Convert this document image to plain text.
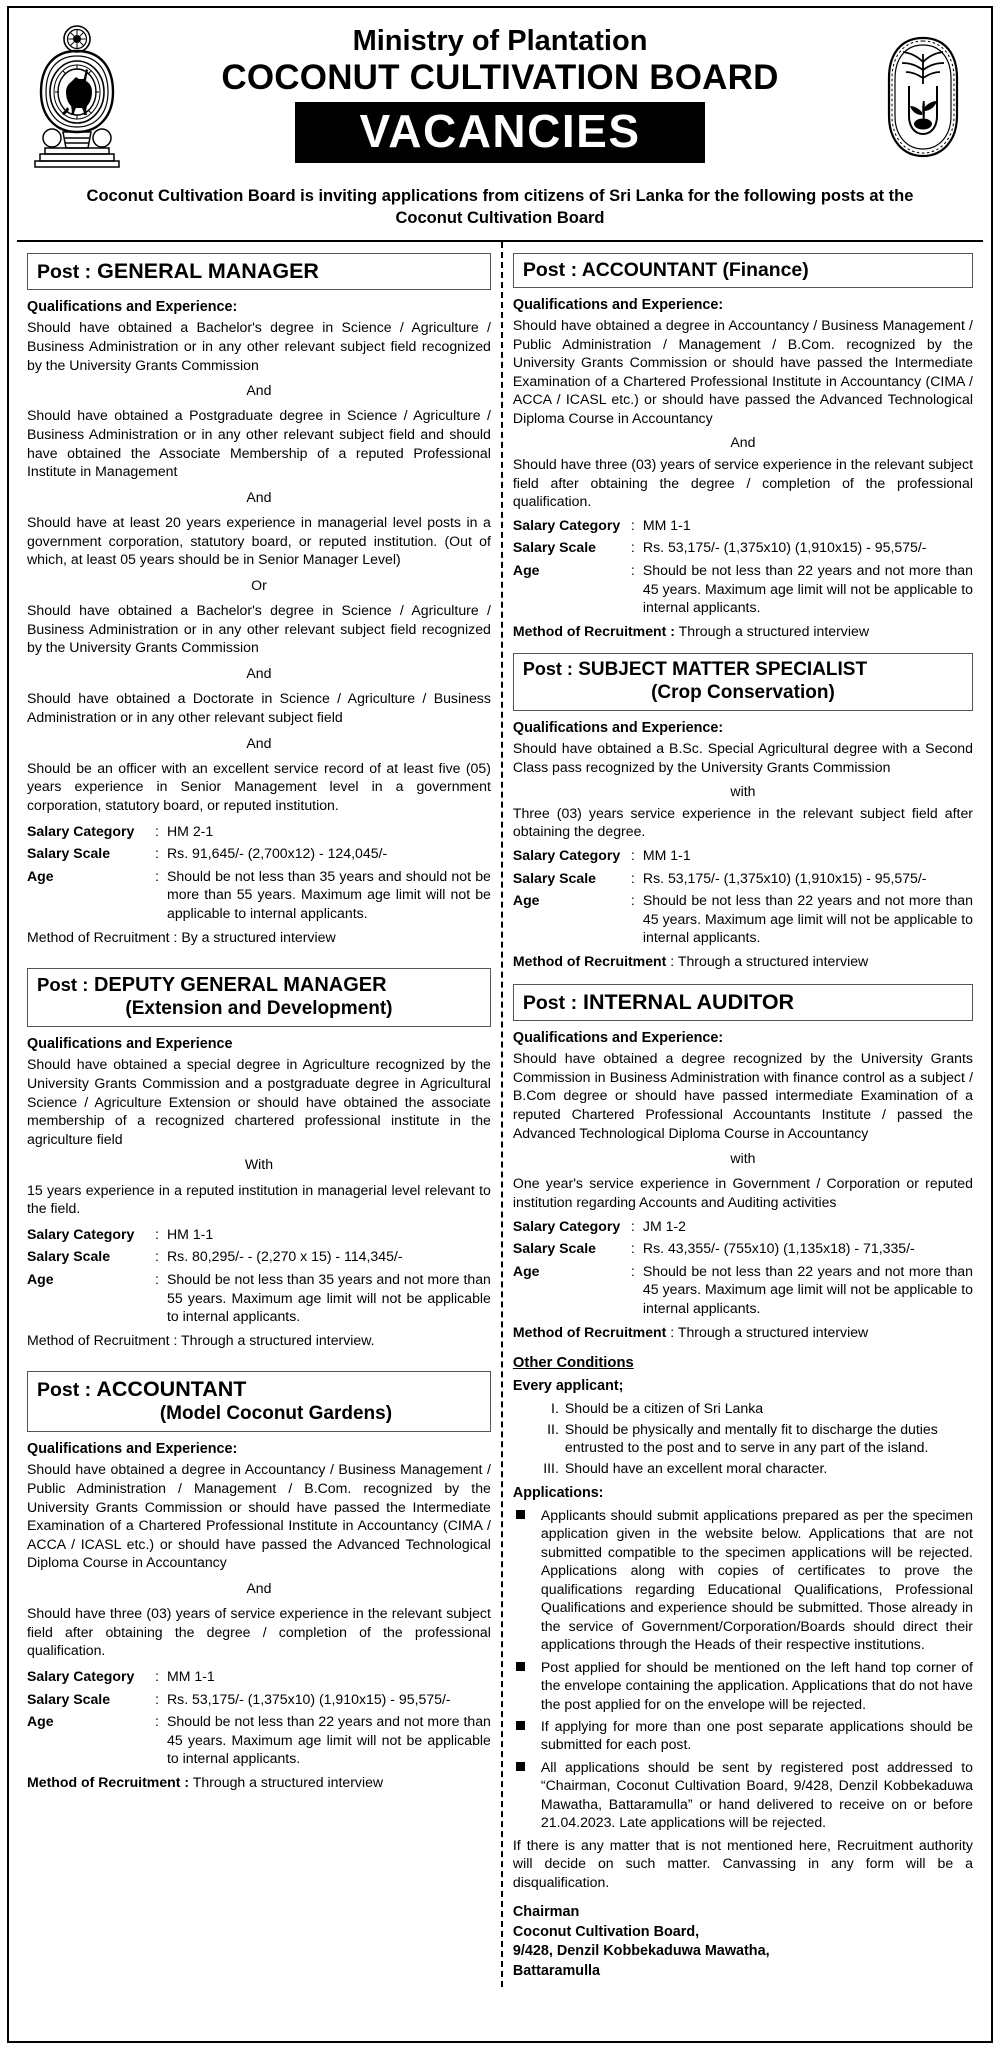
Ministry of Plantation
COCONUT CULTIVATION BOARD
VACANCIES
Coconut Cultivation Board is inviting applications from citizens of Sri Lanka for the following posts at the Coconut Cultivation Board
Post : GENERAL MANAGER
Qualifications and Experience:

Should have obtained a Bachelor's degree in Science / Agriculture / Business Administration or in any other relevant subject field recognized by the University Grants Commission

And

Should have obtained a Postgraduate degree in Science / Agriculture / Business Administration or in any other relevant subject field and should have obtained the Associate Membership of a reputed Professional Institute in Management

And

Should have at least 20 years experience in managerial level posts in a government corporation, statutory board, or reputed institution. (Out of which, at least 05 years should be in Senior Manager Level)

Or

Should have obtained a Bachelor's degree in Science / Agriculture / Business Administration or in any other relevant subject field recognized by the University Grants Commission

And

Should have obtained a Doctorate in Science / Agriculture / Business Administration or in any other relevant subject field

And

Should be an officer with an excellent service record of at least five (05) years experience in Senior Management level in a government corporation, statutory board, or reputed institution.

Salary Category	: HM 2-1
Salary Scale	: Rs. 91,645/- (2,700x12) - 124,045/-
Age	: Should be not less than 35 years and should not be more than 55 years. Maximum age limit will not be applicable to internal applicants.
Method of Recruitment : By a structured interview
Post : DEPUTY GENERAL MANAGER
(Extension and Development)
Qualifications and Experience

Should have obtained a special degree in Agriculture recognized by the University Grants Commission and a postgraduate degree in Agricultural Science / Agriculture Extension or should have obtained the associate membership of a recognized chartered professional institute in the agriculture field

With

15 years experience in a reputed institution in managerial level relevant to the field.

Salary Category	: HM 1-1
Salary Scale	: Rs. 80,295/- - (2,270 x 15) - 114,345/-
Age	: Should be not less than 35 years and not more than 55 years. Maximum age limit will not be applicable to internal applicants.
Method of Recruitment : Through a structured interview.
Post : ACCOUNTANT
(Model Coconut Gardens)
Qualifications and Experience:

Should have obtained a degree in Accountancy / Business Management / Public Administration / Management / B.Com. recognized by the University Grants Commission or should have passed the Intermediate Examination of a Chartered Professional Institute in Accountancy (CIMA / ACCA / ICASL etc.) or should have passed the Advanced Technological Diploma Course in Accountancy

And

Should have three (03) years of service experience in the relevant subject field after obtaining the degree / completion of the professional qualification.

Salary Category	: MM 1-1
Salary Scale	: Rs. 53,175/- (1,375x10) (1,910x15) - 95,575/-
Age	: Should be not less than 22 years and not more than 45 years. Maximum age limit will not be applicable to internal applicants.
Method of Recruitment : Through a structured interview
Post : ACCOUNTANT (Finance)
Qualifications and Experience:

Should have obtained a degree in Accountancy / Business Management / Public Administration / Management / B.Com. recognized by the University Grants Commission or should have passed the Intermediate Examination of a Chartered Professional Institute in Accountancy (CIMA / ACCA / ICASL etc.) or should have passed the Advanced Technological Diploma Course in Accountancy

And

Should have three (03) years of service experience in the relevant subject field after obtaining the degree / completion of the professional qualification.

Salary Category : MM 1-1
Salary Scale	: Rs. 53,175/- (1,375x10) (1,910x15) - 95,575/-
Age	: Should be not less than 22 years and not more than 45 years. Maximum age limit will not be applicable to internal applicants.
Method of Recruitment : Through a structured interview
Post : SUBJECT MATTER SPECIALIST
(Crop Conservation)
Qualifications and Experience:

Should have obtained a B.Sc. Special Agricultural degree with a Second Class pass recognized by the University Grants Commission

with

Three (03) years service experience in the relevant subject field after obtaining the degree.

Salary Category : MM 1-1
Salary Scale	: Rs. 53,175/- (1,375x10) (1,910x15) - 95,575/-
Age	: Should be not less than 22 years and not more than 45 years. Maximum age limit will not be applicable to internal applicants.
Method of Recruitment : Through a structured interview
Post : INTERNAL AUDITOR
Qualifications and Experience:

Should have obtained a degree recognized by the University Grants Commission in Business Administration with finance control as a subject / B.Com degree or should have passed intermediate Examination of a reputed Chartered Professional Accountants Institute / passed the Advanced Technological Diploma Course in Accountancy

with

One year's service experience in Government / Corporation or reputed institution regarding Accounts and Auditing activities

Salary Category : JM 1-2
Salary Scale	: Rs. 43,355/- (755x10) (1,135x18) - 71,335/-
Age	: Should be not less than 22 years and not more than 45 years. Maximum age limit will not be applicable to internal applicants.
Method of Recruitment : Through a structured interview
Other Conditions
Every applicant;
I. Should be a citizen of Sri Lanka
II. Should be physically and mentally fit to discharge the duties entrusted to the post and to serve in any part of the island.
III. Should have an excellent moral character.
Applications:
Applicants should submit applications prepared as per the specimen application given in the website below. Applications that are not submitted compatible to the specimen applications will be rejected. Applications along with copies of certificates to prove the qualifications regarding Educational Qualifications, Professional Qualifications and experience should be submitted. Those already in the service of Government/Corporation/Boards should direct their applications through the Heads of their respective institutions.
Post applied for should be mentioned on the left hand top corner of the envelope containing the application. Applications that do not have the post applied for on the envelope will be rejected.
If applying for more than one post separate applications should be submitted for each post.
All applications should be sent by registered post addressed to “Chairman, Coconut Cultivation Board, 9/428, Denzil Kobbekaduwa Mawatha, Battaramulla” or hand delivered to receive on or before 21.04.2023. Late applications will be rejected.
If there is any matter that is not mentioned here, Recruitment authority will decide on such matter. Canvassing in any form will be a disqualification.
Chairman
Coconut Cultivation Board,
9/428, Denzil Kobbekaduwa Mawatha,
Battaramulla
